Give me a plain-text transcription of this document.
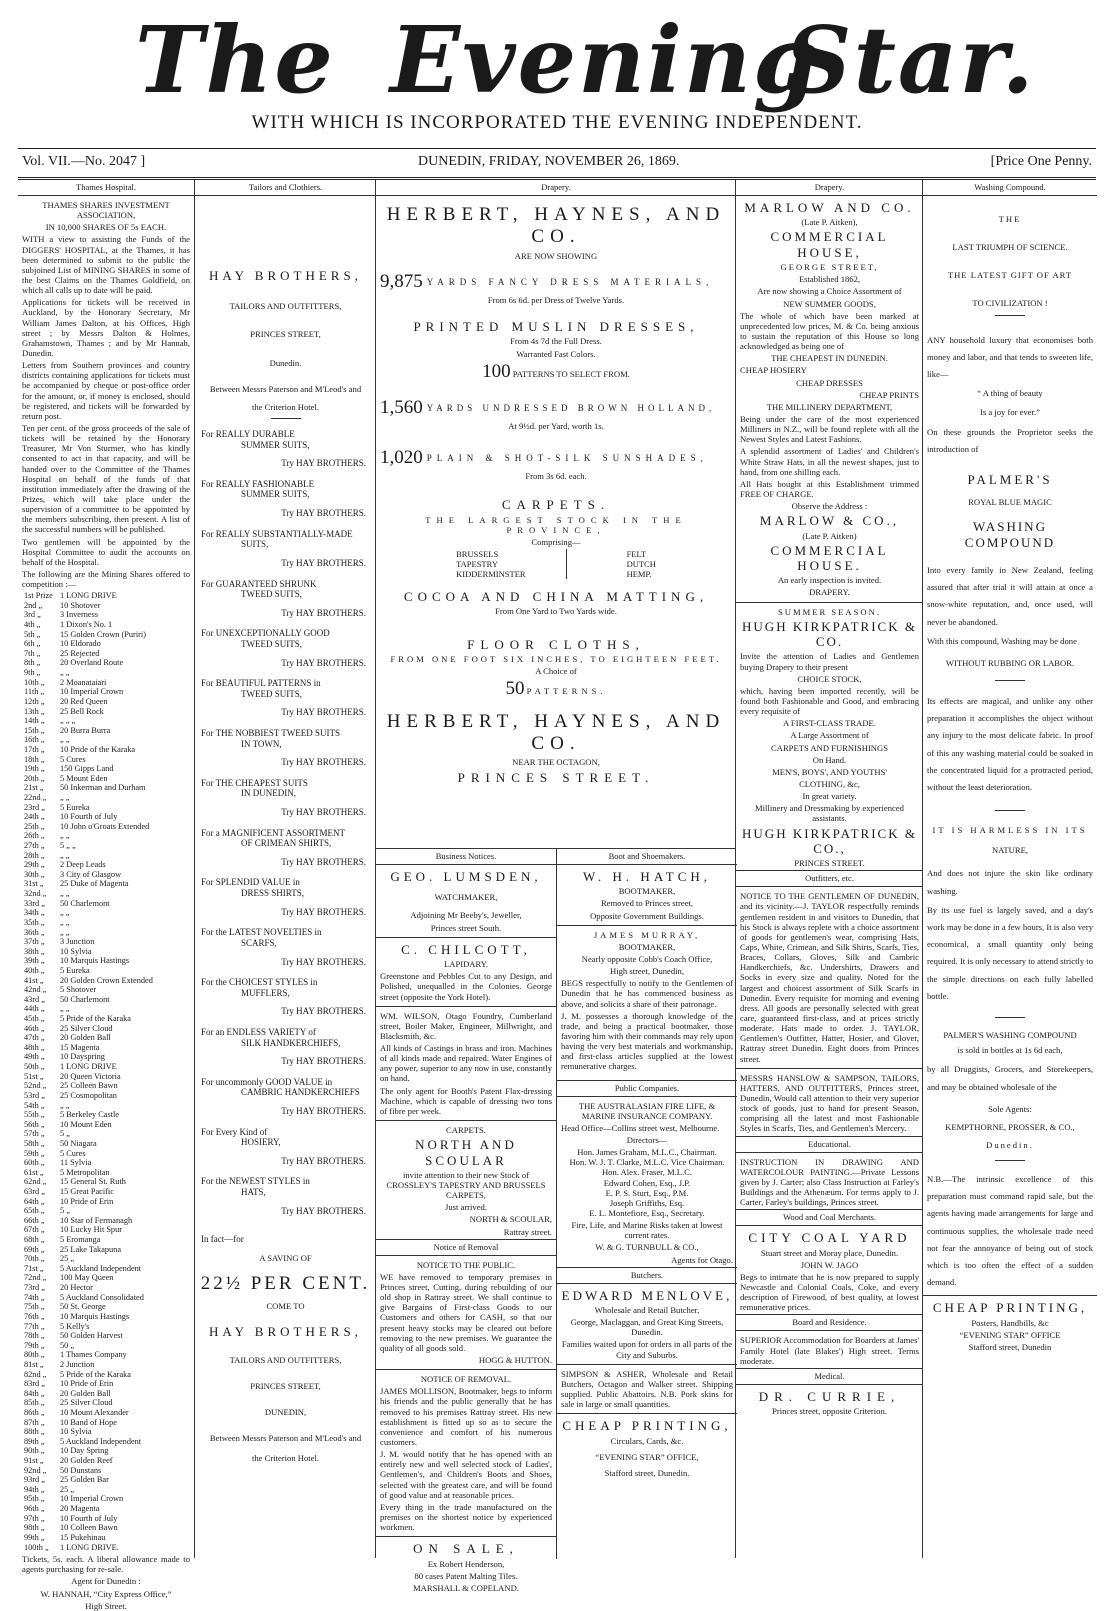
The Evening
Star.
WITH WHICH IS INCORPORATED THE EVENING INDEPENDENT.
Vol. VII.—No. 2047 ]	DUNEDIN, FRIDAY, NOVEMBER 26, 1869.	[Price One Penny.
Thames Hospital.
THAMES SHARES INVESTMENT ASSOCIATION,
IN 10,000 SHARES OF 5s EACH.
WITH a view to assisting the Funds of the DIGGERS' HOSPITAL, at the Thames, it has been determined to submit to the public the subjoined List of MINING SHARES in some of the best Claims on the Thames Goldfield, on which all calls up to date will be paid.
Applications for tickets will be received in Auckland, by the Honorary Secretary, Mr William James Dalton, at his Offices, High street ; by Messrs Dalton & Holmes, Grahamstown, Thames ; and by Mr Hannah, Dunedin.
Letters from Southern provinces and country districts containing applications for tickets must be accompanied by cheque or post-office order for the amount, or, if money is enclosed, should be registered, and tickets will be forwarded by return post.
Ten per cent. of the gross proceeds of the sale of tickets will be retained by the Honorary Treasurer, Mr Von Sturmer, who has kindly consented to act in that capacity, and will be handed over to the Committee of the Thames Hospital on behalf of the funds of that institution immediately after the drawing of the Prizes, which will take place under the supervision of a committee to be appointed by the members subscribing, then present. A list of the successful numbers will be published.
Two gentlemen will be appointed by the Hospital Committee to audit the accounts on behalf of the Hospital.
The following are the Mining Shares offered to competition :—
1st Prize 1 LONG DRIVE
2nd „	10 Shotover
3rd „	3 Inverness
4th „	1 Dixon's No. 1
5th „	15 Golden Crown (Puriri)
6th „	10 Eldorado
7th „	25 Rejected
8th „	20 Overland Route
9th „	„ „
10th „	2 Moanataiari
11th „	10 Imperial Crown
12th „	20 Red Queen
13th „	25 Bell Rock
14th „	„ „ „
15th „	20 Burra Burra
16th „	„ „
17th „	10 Pride of the Karaka
18th „	5 Cures
19th „	150 Gipps Land
20th „	5 Mount Eden
21st „	50 Inkerman and Durham
22nd „	„ „
23rd „	5 Eureka
24th „	10 Fourth of July
25th „	10 John o'Groats Extended
26th „	„ „
27th „	5 „ „
28th „	„ „
29th „	2 Deep Leads
30th „	3 City of Glasgow
31st „	25 Duke of Magenta
32nd „	„ „
33rd „	50 Charlemont
34th „	„ „
35th „	„ „
36th „	„ „
37th „	3 Junction
38th „	10 Sylvia
39th „	10 Marquis Hastings
40th „	5 Eureka
41st „	20 Golden Crown Extended
42nd „	5 Shotover
43rd „	50 Charlemont
44th „	„ „
45th „	5 Pride of the Karaka
46th „	25 Silver Cloud
47th „	20 Golden Ball
48th „	15 Magenta
49th „	10 Dayspring
50th „	1 LONG DRIVE
51st „	20 Queen Victoria
52nd „	25 Colleen Bawn
53rd „	25 Cosmopolitan
54th „	„ „
55th „	5 Berkeley Castle
56th „	10 Mount Eden
57th „	5 „
58th „	50 Niagara
59th „	5 Cures
60th „	11 Sylvia
61st „	5 Metropolitan
62nd „	15 General St. Ruth
63rd „	15 Great Pacific
64th „	10 Pride of Erin
65th „	5 „
66th „	10 Star of Fermanagh
67th „	10 Lucky Hit Spur
68th „	5 Eromanga
69th „	25 Lake Takapuna
70th „	25 „
71st „	5 Auckland Independent
72nd „	100 May Queen
73rd „	20 Hector
74th „	5 Auckland Consolidated
75th „	50 St. George
76th „	10 Marquis Hastings
77th „	5 Kelly's
78th „	50 Golden Harvest
79th „	50 „
80th „	1 Thames Company
81st „	2 Junction
82nd „	5 Pride of the Karaka
83rd „	10 Pride of Erin
84th „	20 Golden Ball
85th „	25 Silver Cloud
86th „	10 Mount Alexander
87th „	10 Band of Hope
88th „	10 Sylvia
89th „	5 Auckland Independent
90th „	10 Day Spring
91st „	20 Golden Reef
92nd „	50 Dunstans
93rd „	25 Golden Bar
94th „	25 „
95th „	10 Imperial Crown
96th „	20 Magenta
97th „	10 Fourth of July
98th „	10 Colleen Bawn
99th „	15 Pukehinau
100th „	1 LONG DRIVE.
Tickets, 5s. each. A liberal allowance made to agents purchasing for re-sale.
Agent for Dunedin :
W. HANNAH, “City Express Office,”
High Street.
Tailors and Clothiers.
HAY BROTHERS,
TAILORS AND OUTFITTERS,
PRINCES STREET,
Dunedin.
Between Messrs Paterson and M'Leod's and
the Criterion Hotel.
For REALLY DURABLE
SUMMER SUITS,
Try HAY BROTHERS.
For REALLY FASHIONABLE
SUMMER SUITS,
Try HAY BROTHERS.
For REALLY SUBSTANTIALLY-MADE
SUITS,
Try HAY BROTHERS.
For GUARANTEED SHRUNK
TWEED SUITS,
Try HAY BROTHERS.
For UNEXCEPTIONALLY GOOD
TWEED SUITS,
Try HAY BROTHERS.
For BEAUTIFUL PATTERNS in
TWEED SUITS,
Try HAY BROTHERS.
For THE NOBBIEST TWEED SUITS
IN TOWN,
Try HAY BROTHERS.
For THE CHEAPEST SUITS
IN DUNEDIN,
Try HAY BROTHERS.
For a MAGNIFICENT ASSORTMENT
OF CRIMEAN SHIRTS,
Try HAY BROTHERS.
For SPLENDID VALUE in
DRESS SHIRTS,
Try HAY BROTHERS.
For the LATEST NOVELTIES in
SCARFS,
Try HAY BROTHERS.
For the CHOICEST STYLES in
MUFFLERS,
Try HAY BROTHERS.
For an ENDLESS VARIETY of
SILK HANDKERCHIEFS,
Try HAY BROTHERS.
For uncommonly GOOD VALUE in
CAMBRIC HANDKERCHIEFS
Try HAY BROTHERS.
For Every Kind of
HOSIERY,
Try HAY BROTHERS.
For the NEWEST STYLES in
HATS,
Try HAY BROTHERS.
In fact—for
A SAVING OF
22½ PER CENT.
COME TO
HAY BROTHERS,
TAILORS AND OUTFITTERS,
PRINCES STREET,
DUNEDIN,
Between Messrs Paterson and M'Leod's and
the Criterion Hotel.
Drapery.
HERBERT, HAYNES, AND CO.
ARE NOW SHOWING
9,875 YARDS FANCY DRESS MATERIALS,
From 6s 6d. per Dress of Twelve Yards.
PRINTED MUSLIN DRESSES,
From 4s 7d the Full Dress.
Warranted Fast Colors.
100 PATTERNS TO SELECT FROM.
1,560 YARDS UNDRESSED BROWN HOLLAND,
At 9½d. per Yard, worth 1s.
1,020 PLAIN & SHOT-SILK SUNSHADES,
From 3s 6d. each.
CARPETS.
THE LARGEST STOCK IN THE PROVINCE,
Comprising—
BRUSSELS
TAPESTRY
KIDDERMINSTER
FELT
DUTCH
HEMP.
COCOA AND CHINA MATTING,
From One Yard to Two Yards wide.
FLOOR CLOTHS,
FROM ONE FOOT SIX INCHES, TO EIGHTEEN FEET.
A Choice of
50 PATTERNS.
HERBERT, HAYNES, AND CO.
NEAR THE OCTAGON,
PRINCES STREET.
Business Notices.
GEO. LUMSDEN,
WATCHMAKER,
Adjoining Mr Beeby's, Jeweller,
Princes street South.
C. CHILCOTT,
LAPIDARY.
Greenstone and Pebbles Cut to any Design, and Polished, unequalled in the Colonies. George street (opposite the York Hotel).
WM. WILSON, Otago Foundry, Cumberland street, Boiler Maker, Engineer, Millwright, and Blacksmith, &c.
All kinds of Castings in brass and iron. Machines of all kinds made and repaired. Water Engines of any power, superior to any now in use, constantly on hand.
The only agent for Booth's Patent Flax-dressing Machine, which is capable of dressing two tons of fibre per week.
CARPETS.
NORTH AND SCOULAR
invite attention to their new Stock of CROSSLEY'S TAPESTRY AND BRUSSELS CARPETS,
Just arrived.
NORTH & SCOULAR,
Rattray street.
Notice of Removal
NOTICE TO THE PUBLIC.
WE have removed to temporary premises in Princes street, Cutting, during rebuilding of our old shop in Rattray street. We shall continue to give Bargains of First-class Goods to our Customers and others for CASH, so that our present heavy stocks may be cleared out before removing to the new premises. We guarantee the quality of all goods sold.
HOGG & HUTTON.
NOTICE OF REMOVAL.
JAMES MOLLISON, Bootmaker, begs to inform his friends and the public generally that he has removed to his premises Rattray street. His new establishment is fitted up so as to secure the convenience and comfort of his numerous customers.
J. M. would notify that he has opened with an entirely new and well selected stock of Ladies', Gentlemen's, and Children's Boots and Shoes, selected with the greatest care, and will be found of good value and at reasonable prices.
Every thing in the trade manufactured on the premises on the shortest notice by experienced workmen.
ON SALE,
Ex Robert Henderson,
80 cases Patent Malting Tiles.
MARSHALL & COPELAND.
Boot and Shoemakers.
W. H. HATCH,
BOOTMAKER,
Removed to Princes street,
Opposite Government Buildings.
JAMES MURRAY,
BOOTMAKER,
Nearly opposite Cobb's Coach Office,
High street, Dunedin,
BEGS respectfully to notify to the Gentlemen of Dunedin that he has commenced business as above, and solicits a share of their patronage.
J. M. possesses a thorough knowledge of the trade, and being a practical bootmaker, those favoring him with their commands may rely upon having the very best materials and workmanship, and first-class articles supplied at the lowest remunerative charges.
Public Companies.
THE AUSTRALASIAN FIRE LIFE, & MARINE INSURANCE COMPANY.
Head Office—Collins street west, Melbourne.
Directors—
Hon. James Graham, M.L.C., Chairman.
Hon. W. J. T. Clarke, M.L.C. Vice Chairman.
Hon. Alex. Fraser, M.L.C.
Edward Cohen, Esq., J.P.
E. P. S. Sturt, Esq., P.M.
Joseph Griffiths, Esq.
E. L. Montefiore, Esq., Secretary.
Fire, Life, and Marine Risks taken at lowest current rates.
W. & G. TURNBULL & CO.,
Agents for Otago.
Butchers.
EDWARD MENLOVE,
Wholesale and Retail Butcher,
George, Maclaggan, and Great King Streets, Dunedin.
Families waited upon for orders in all parts of the City and Suburbs.
SIMPSON & ASHER, Wholesale and Retail Butchers, Octagon and Walker street. Shipping supplied. Public Abattoirs. N.B. Pork skins for sale in large or small quantities.
CHEAP PRINTING,
Circulars, Cards, &c.
“EVENING STAR” OFFICE,
Stafford street, Dunedin.
Drapery.
MARLOW AND CO.
(Late P. Aitken),
COMMERCIAL HOUSE,
GEORGE STREET,
Established 1862,
Are now showing a Choice Assortment of
NEW SUMMER GOODS,
The whole of which have been marked at unprecedented low prices, M. & Co. being anxious to sustain the reputation of this House so long acknowledged as being one of
THE CHEAPEST IN DUNEDIN.
CHEAP HOSIERY
CHEAP DRESSES
CHEAP PRINTS
THE MILLINERY DEPARTMENT,
Being under the care of the most experienced Milliners in N.Z., will be found replete with all the Newest Styles and Latest Fashions.
A splendid assortment of Ladies' and Children's White Straw Hats, in all the newest shapes, just to hand, from one shilling each.
All Hats bought at this Establishment trimmed FREE OF CHARGE.
Observe the Address :
MARLOW & CO.,
(Late P. Aitken)
COMMERCIAL HOUSE.
An early inspection is invited.
DRAPERY.
SUMMER SEASON.
HUGH KIRKPATRICK & CO.
Invite the attention of Ladies and Gentlemen buying Drapery to their present
CHOICE STOCK,
which, having been imported recently, will be found both Fashionable and Good, and embracing every requisite of
A FIRST-CLASS TRADE.
A Large Assortment of
CARPETS AND FURNISHINGS
On Hand.
MEN'S, BOYS', AND YOUTHS'
CLOTHING, &c,
In great variety.
Millinery and Dressmaking by experienced assistants.
HUGH KIRKPATRICK & CO.,
PRINCES STREET.
Outfitters, etc.
NOTICE TO THE GENTLEMEN OF DUNEDIN, and its vicinity.—J. TAYLOR respectfully reminds gentlemen resident in and visitors to Dunedin, that his Stock is always replete with a choice assortment of goods for gentlemen's wear, comprising Hats, Caps, White, Crimean, and Silk Shirts, Scarfs, Ties, Braces, Collars, Gloves, Silk and Cambric Handkerchiefs, &c. Undershirts, Drawers and Socks in every size and quality. Noted for the largest and choicest assortment of Silk Scarfs in Dunedin. Every requisite for morning and evening dress. All goods are personally selected with great care, guaranteed first-class, and at prices strictly moderate. Hats made to order. J. TAYLOR, Gentlemen's Outfitter, Hatter, Hosier, and Glover, Rattray street Dunedin. Eight doors from Princes street.
MESSRS HANSLOW & SAMPSON, TAILORS, HATTERS, AND OUTFITTERS, Princes street, Dunedin, Would call attention to their very superior stock of goods, just to hand for present Season, comprising all the latest and most Fashionable Styles in Scarfs, Ties, and Gentlemen's Mercery.
Educational.
INSTRUCTION IN DRAWING AND WATERCOLOUR PAINTING.—Private Lessons given by J. Carter; also Class Instruction at Farley's Buildings and the Athenæum. For terms apply to J. Carter, Farley's buildings, Princes street.
Wood and Coal Merchants.
CITY COAL YARD
Stuart street and Moray place, Dunedin.
JOHN W. JAGO
Begs to intimate that he is now prepared to supply Newcastle and Colonial Coals, Coke, and every description of Firewood, of best quality, at lowest remunerative prices.
Board and Residence.
SUPERIOR Accommodation for Boarders at James' Family Hotel (late Blakes') High street. Terms moderate.
Medical.
DR. CURRIE,
Princes street, opposite Criterion.
Washing Compound.
THE
LAST TRIUMPH OF SCIENCE.
THE LATEST GIFT OF ART
TO CIVILIZATION !
ANY household luxury that economises both money and labor, and that tends to sweeten life, like—
“ A thing of beauty
Is a joy for ever.”
On these grounds the Proprietor seeks the introduction of
PALMER'S
ROYAL BLUE MAGIC
WASHING COMPOUND
Into every family in New Zealand, feeling assured that after trial it will attain at once a snow-white reputation, and, once used, will never be abandoned.
With this compound, Washing may be done
WITHOUT RUBBING OR LABOR.
Its effects are magical, and unlike any other preparation it accomplishes the object without any injury to the most delicate fabric. In proof of this any washing material could be soaked in the concentrated liquid for a protracted period, without the least deterioration.
IT IS HARMLESS IN ITS
NATURE,
And does not injure the skin like ordinary washing.
By its use fuel is largely saved, and a day's work may be done in a few hours, It is also very economical, a small quantity only being required. It is only necessary to attend strictly to the simple directions on each fully labelled bottle.
PALMER'S WASHING COMPOUND
is sold in bottles at 1s 6d each,
by all Druggists, Grocers, and Storekeepers, and may be obtained wholesale of the
Sole Agents:
KEMPTHORNE, PROSSER, & CO.,
Dunedin.
N.B.—The intrinsic excellence of this preparation must command rapid sale, but the agents having made arrangements for large and continuous supplies, the wholesale trade need not fear the annoyance of being out of stock which is too often the effect of a sudden demand.
CHEAP PRINTING,
Posters, Handbills, &c
“EVENING STAR” OFFICE
Stafford street, Dunedin
